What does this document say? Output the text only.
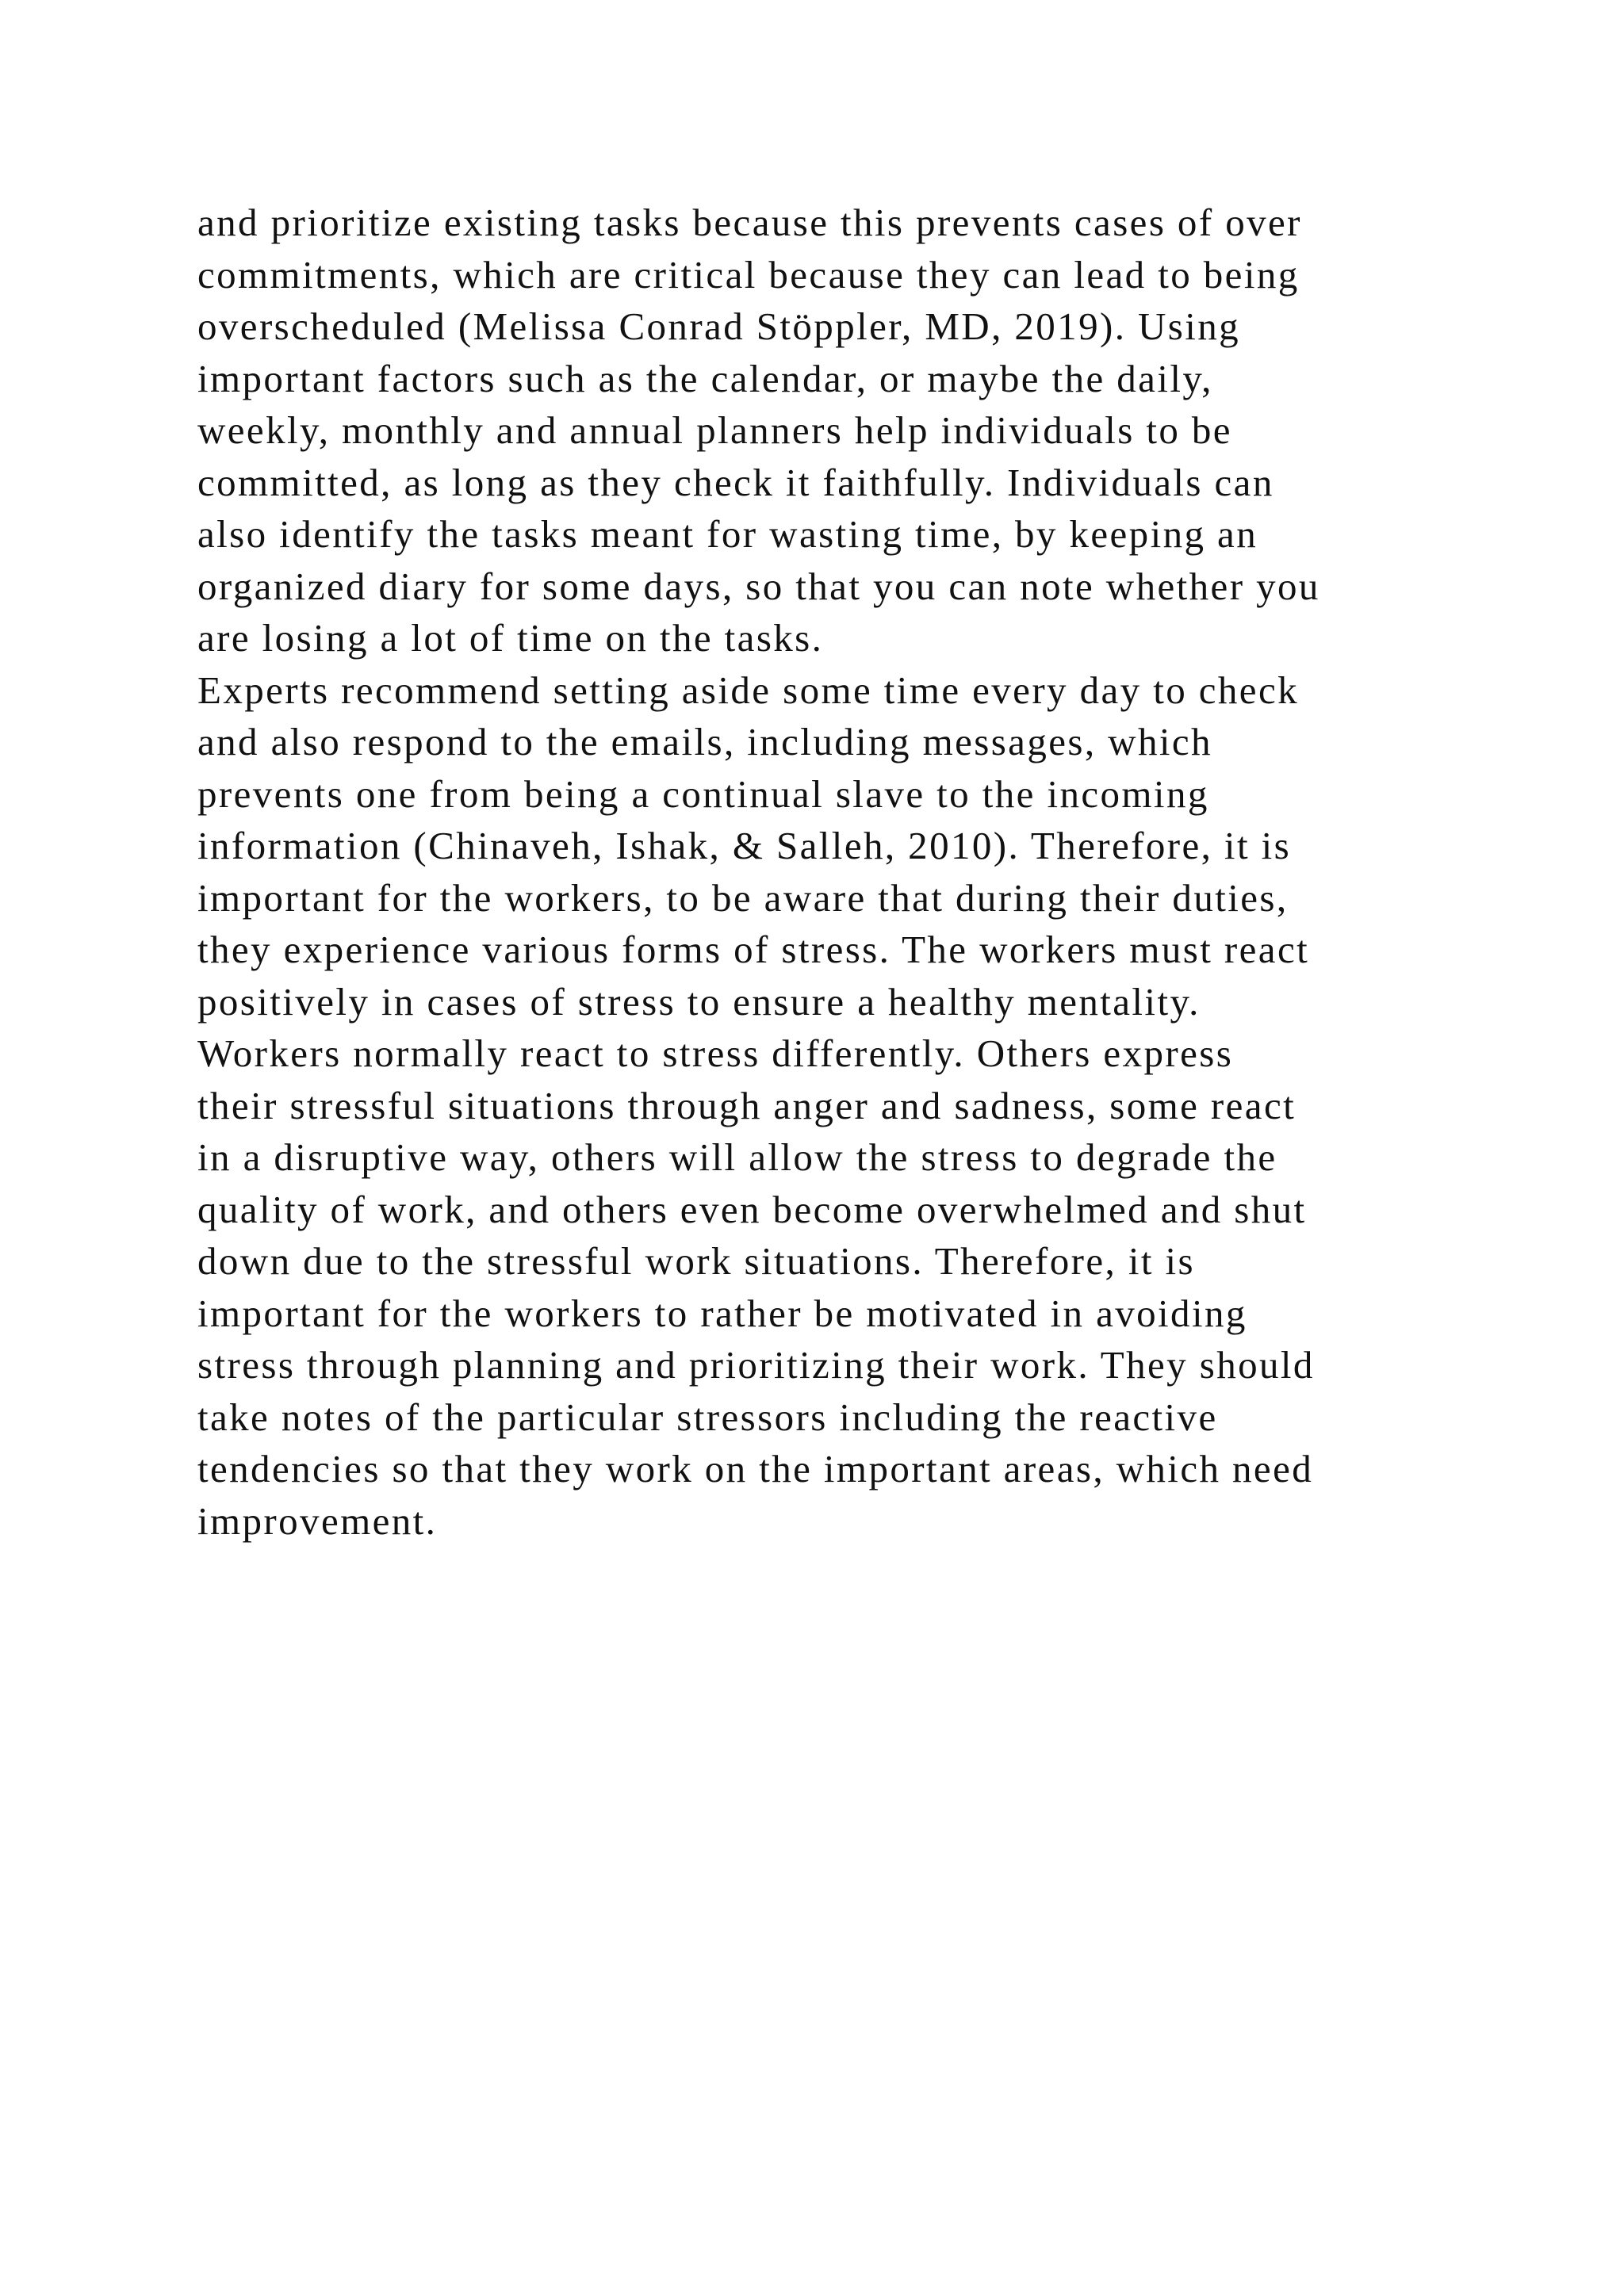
and prioritize existing tasks because this prevents cases of over
commitments, which are critical because they can lead to being
overscheduled (Melissa Conrad Stöppler, MD, 2019). Using
important factors such as the calendar, or maybe the daily,
weekly, monthly and annual planners help individuals to be
committed, as long as they check it faithfully. Individuals can
also identify the tasks meant for wasting time, by keeping an
organized diary for some days, so that you can note whether you
are losing a lot of time on the tasks.
Experts recommend setting aside some time every day to check
and also respond to the emails, including messages, which
prevents one from being a continual slave to the incoming
information (Chinaveh, Ishak, & Salleh, 2010). Therefore, it is
important for the workers, to be aware that during their duties,
they experience various forms of stress. The workers must react
positively in cases of stress to ensure a healthy mentality.
Workers normally react to stress differently. Others express
their stressful situations through anger and sadness, some react
in a disruptive way, others will allow the stress to degrade the
quality of work, and others even become overwhelmed and shut
down due to the stressful work situations. Therefore, it is
important for the workers to rather be motivated in avoiding
stress through planning and prioritizing their work. They should
take notes of the particular stressors including the reactive
tendencies so that they work on the important areas, which need
improvement.
